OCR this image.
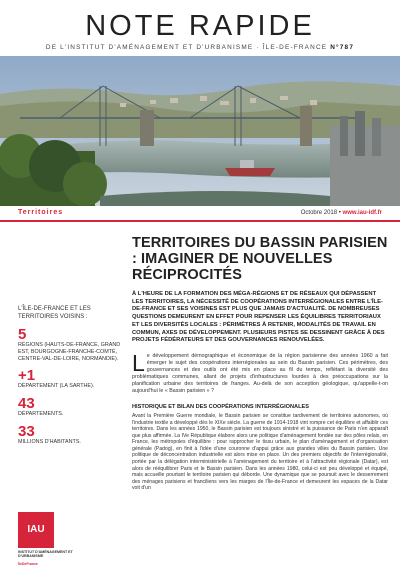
NOTE RAPIDE
DE L'INSTITUT D'AMÉNAGEMENT ET D'URBANISME · ÎLE-DE-FRANCE N°787
Territoires	Octobre 2018 • www.iau-idf.fr
L'ÎLE-DE-FRANCE ET LES TERRITOIRES VOISINS :
5
RÉGIONS (HAUTS-DE-FRANCE, GRAND EST, BOURGOGNE-FRANCHE-COMTÉ, CENTRE-VAL-DE-LOIRE, NORMANDIE).
+1
DÉPARTEMENT (LA SARTHE).
43
DÉPARTEMENTS.
33
MILLIONS D'HABITANTS.
IAU
INSTITUT D'AMÉNAGEMENT ET D'URBANISME
ÎleDeFrance
TERRITOIRES DU BASSIN PARISIEN : IMAGINER DE NOUVELLES RÉCIPROCITÉS

À L'HEURE DE LA FORMATION DES MÉGA-RÉGIONS ET DE RÉSEAUX QUI DÉPASSENT LES TERRITOIRES, LA NÉCESSITÉ DE COOPÉRATIONS INTERRÉGIONALES ENTRE L'ÎLE-DE-FRANCE ET SES VOISINES EST PLUS QUE JAMAIS D'ACTUALITÉ. DE NOMBREUSES QUESTIONS DEMEURENT EN EFFET POUR REPENSER LES ÉQUILIBRES TERRITORIAUX ET LES DIVERSITÉS LOCALES : PÉRIMÈTRES À RETENIR, MODALITÉS DE TRAVAIL EN COMMUN, AXES DE DÉVELOPPEMENT. PLUSIEURS PISTES SE DESSINENT GRÂCE À DES PROJETS FÉDÉRATEURS ET DES GOUVERNANCES RENOUVELÉES.

Le développement démographique et économique de la région parisienne des années 1960 a fait émerger le sujet des coopérations interrégionales au sein du Bassin parisien. Ces périmètres, des gouvernances et des outils ont été mis en place au fil du temps, reflétant la diversité des problématiques communes, allant de projets d'infrastructures lourdes à des préoccupations sur la planification urbaine des territoires de franges. Au-delà de son acception géologique, qu'appelle-t-on aujourd'hui le « Bassin parisien » ?

HISTORIQUE ET BILAN DES COOPÉRATIONS INTERRÉGIONALES

Avant la Première Guerre mondiale, le Bassin parisien se constitue tardivement de territoires autonomes, où l'industrie textile a développé dès le XIXe siècle. La guerre de 1914-1918 vint rompre cet équilibre et affaiblir ces territoires. Dans les années 1950, le Bassin parisien est toujours sinistré et la puissance de Paris n'en apparaît que plus affirmée. La IVe République élabore alors une politique d'aménagement fondée sur des pôles relais, en France, les métropoles d'équilibre : pour rapprocher le tissu urbain, le plan d'aménagement et d'organisation générale (Padog), en finit à l'idée d'une couronne d'appui grâce aux grandes villes du Bassin parisien. Une politique de déconcentration industrielle est alors mise en place. Un des premiers objectifs de l'interrégionalité, portée par la délégation interministérielle à l'aménagement du territoire et à l'attractivité régionale (Datar), est alors de rééquilibrer Paris et le Bassin parisien. Dans les années 1980, celui-ci est peu développé et équipé, mais accueille pourtant le territoire parisien qui déborde. Une dynamique que se poursuit avec le desserrement des ménages parisiens et franciliens vers les marges de l'Île-de-France et demeurent les espaces de la Datar voit d'un
